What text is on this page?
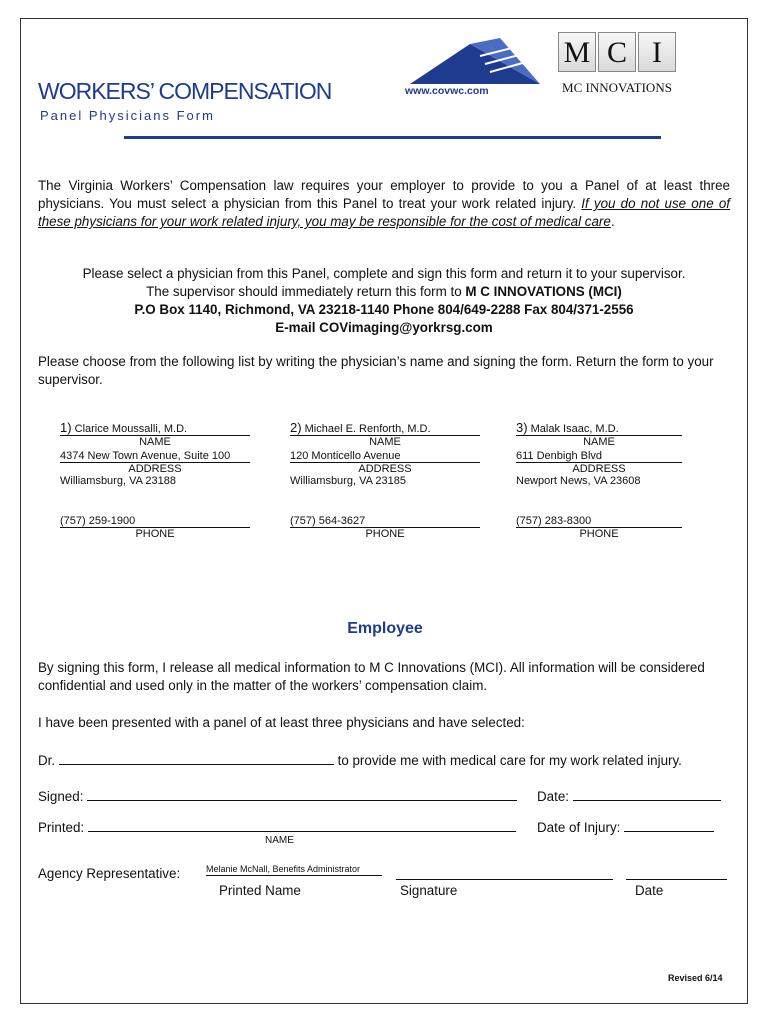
WORKERS’ COMPENSATION
Panel Physicians Form
www.covwc.com
M C I
MC INNOVATIONS
The Virginia Workers’ Compensation law requires your employer to provide to you a Panel of at least three physicians. You must select a physician from this Panel to treat your work related injury. If you do not use one of these physicians for your work related injury, you may be responsible for the cost of medical care.
Please select a physician from this Panel, complete and sign this form and return it to your supervisor.
The supervisor should immediately return this form to M C INNOVATIONS (MCI)
P.O Box 1140, Richmond, VA 23218-1140 Phone 804/649-2288 Fax 804/371-2556
E-mail COVimaging@yorkrsg.com
Please choose from the following list by writing the physician’s name and signing the form. Return the form to your supervisor.
1) Clarice Moussalli, M.D.
NAME
4374 New Town Avenue, Suite 100
ADDRESS
Williamsburg, VA 23188
(757) 259-1900
PHONE
2) Michael E. Renforth, M.D.
NAME
120 Monticello Avenue
ADDRESS
Williamsburg, VA 23185
(757) 564-3627
PHONE
3) Malak Isaac, M.D.
NAME
611 Denbigh Blvd
ADDRESS
Newport News, VA 23608
(757) 283-8300
PHONE
Employee
By signing this form, I release all medical information to M C Innovations (MCI). All information will be considered confidential and used only in the matter of the workers’ compensation claim.
I have been presented with a panel of at least three physicians and have selected:
Dr.	to provide me with medical care for my work related injury.
Signed:	Date:
Printed:
NAME
Date of Injury:
Agency Representative:	Melanie McNall, Benefits Administrator
Printed Name	Signature	Date
Revised 6/14
